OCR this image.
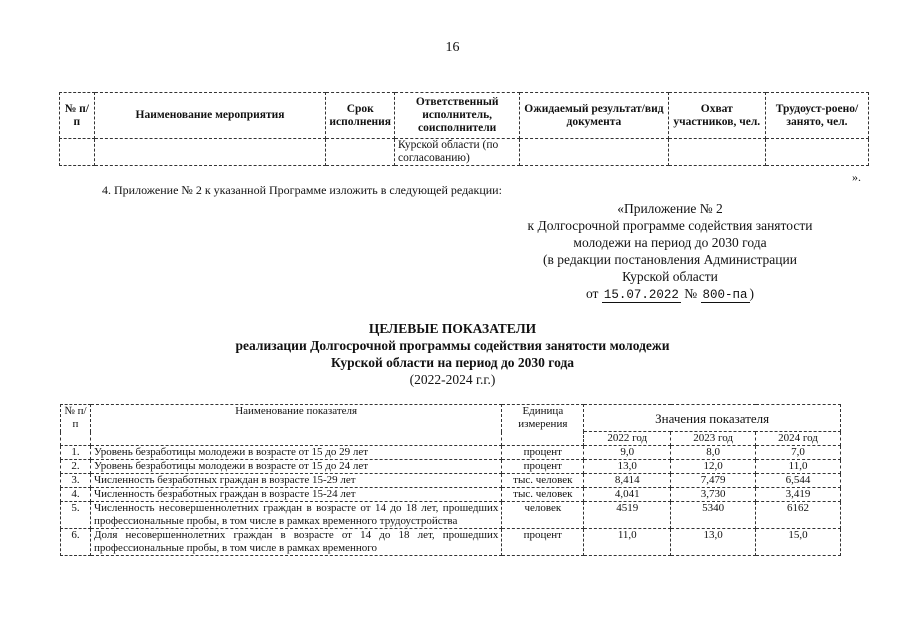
16
№ п/п	Наименование мероприятия	Срок исполнения	Ответственный исполнитель, соисполнители	Ожидаемый результат/вид документа	Охват участников, чел.	Трудоуст-роено/занято, чел.
			Курской области (по согласованию)			
».
4. Приложение № 2 к указанной Программе изложить в следующей редакции:
«Приложение № 2
к Долгосрочной программе содействия занятости
молодежи на период до 2030 года
(в редакции постановления Администрации
Курской области
от 15.07.2022 № 800-па )
ЦЕЛЕВЫЕ ПОКАЗАТЕЛИ
реализации Долгосрочной программы содействия занятости молодежи
Курской области на период до 2030 года
(2022-2024 г.г.)
№ п/п	Наименование показателя	Единица измерения	Значения показателя		
			2022 год	2023 год	2024 год
1.	Уровень безработицы молодежи в возрасте от 15 до 29 лет	процент	9,0	8,0	7,0
2.	Уровень безработицы молодежи в возрасте от 15 до 24 лет	процент	13,0	12,0	11,0
3.	Численность безработных граждан в возрасте 15-29 лет	тыс. человек	8,414	7,479	6,544
4.	Численность безработных граждан в возрасте 15-24 лет	тыс. человек	4,041	3,730	3,419
5.	Численность несовершеннолетних граждан в возрасте от 14 до 18 лет, прошедших профессиональные пробы, в том числе в рамках временного трудоустройства	человек	4519	5340	6162
6.	Доля несовершеннолетних граждан в возрасте от 14 до 18 лет, прошедших профессиональные пробы, в том числе в рамках временного	процент	11,0	13,0	15,0
